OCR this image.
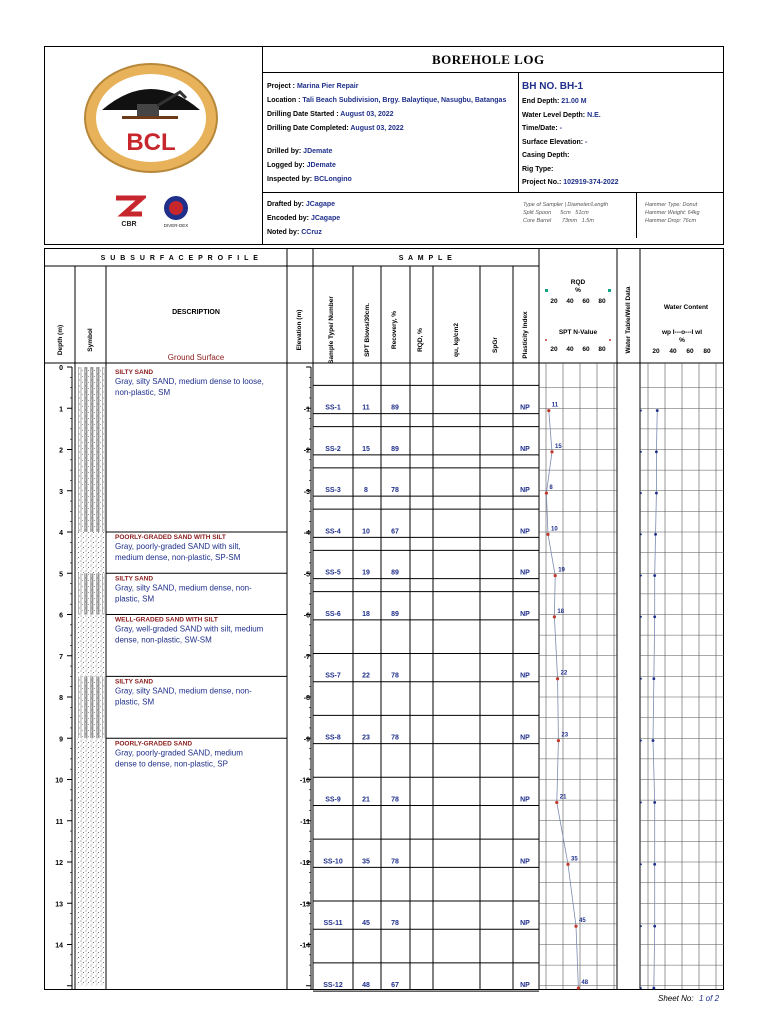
BCL
CBR	DIVER-DEX
BOREHOLE LOG
Project : Marina Pier Repair
Location : Tali Beach Subdivision, Brgy. Balaytique, Nasugbu, Batangas
Drilling Date Started : August 03, 2022
Drilling Date Completed: August 03, 2022
Drilled by: JDemate
Logged by: JDemate
Inspected by: BCLongino
Drafted by: JCagape
Encoded by: JCagape
Noted by: CCruz
BH NO. BH-1
End Depth: 21.00 M
Water Level Depth: N.E.
Time/Date: -
Surface Elevation: -
Casing Depth:
Rig Type:
Project No.: 102919-374-2022
Type of Sampler | Diameter/Length
Split Spoon      5cm   51cm
Core Barrel       73mm   1.5m
Hammer Type: Donut
Hammer Weight: 64kg
Hammer Drop: 76cm
S U B S U R F A C E P R O F I L E	S A M P L E
DESCRIPTION
Ground Surface
Depth (m)	Symbol	Elevation (m)	Sample Type/ Number	SPT Blows/30cm.	Recovery, %	RQD, %	qu, kg/cm2	SpGr	Plasticity Index	Water Table/Well Data
RQD
%
SPT N-Value
20
20
40
40
60
60
80
80
Water Content
wp I---o---I wl
%
20 40 60 80
SILTY SAND
Gray, silty SAND, medium dense to loose,
non-plastic, SM
POORLY-GRADED SAND WITH SILT
Gray, poorly-graded SAND with silt,
medium dense, non-plastic, SP-SM
SILTY SAND
Gray, silty SAND, medium dense, non-
plastic, SM
WELL-GRADED SAND WITH SILT
Gray, well-graded SAND with silt, medium
dense, non-plastic, SW-SM
SILTY SAND
Gray, silty SAND, medium dense, non-
plastic, SM
POORLY-GRADED SAND
Gray, poorly-graded SAND, medium
dense to dense, non-plastic, SP
0
1
2
3
4
5
6
7
8
9
10
11
12
13
14
-1
-2
-3
-4
-5
-6
-7
-8
-9
-10
-11
-12
-13
-14
SS-1	11	89	NP
SS-2	15	89	NP
SS-3	8	78	NP
SS-4	10	67	NP
SS-5	19	89	NP
SS-6	18	89	NP
SS-7	22	78	NP
SS-8	23	78	NP
SS-9	21	78	NP
SS-10	35	78	NP
SS-11	45	78	NP
SS-12	48	67	NP
11
15
8
10
19
18
22
23
21
35
45
48
Sheet No: 1 of 2
